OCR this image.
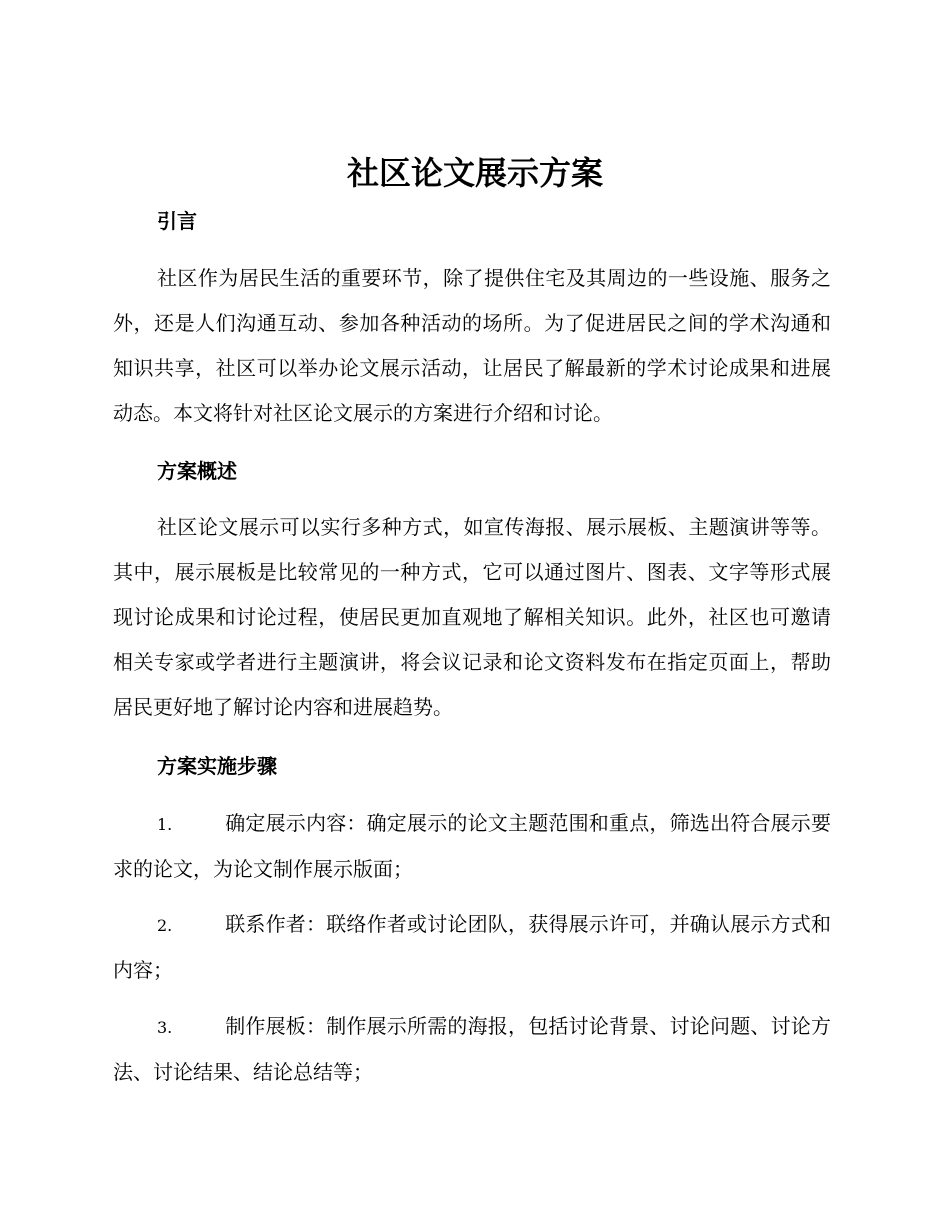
社区论文展示方案
引言

社区作为居民生活的重要环节，除了提供住宅及其周边的一些设施、服务之外，还是人们沟通互动、参加各种活动的场所。为了促进居民之间的学术沟通和知识共享，社区可以举办论文展示活动，让居民了解最新的学术讨论成果和进展动态。本文将针对社区论文展示的方案进行介绍和讨论。

方案概述

社区论文展示可以实行多种方式，如宣传海报、展示展板、主题演讲等等。其中，展示展板是比较常见的一种方式，它可以通过图片、图表、文字等形式展现讨论成果和讨论过程，使居民更加直观地了解相关知识。此外，社区也可邀请相关专家或学者进行主题演讲，将会议记录和论文资料发布在指定页面上，帮助居民更好地了解讨论内容和进展趋势。

方案实施步骤

1.	确定展示内容：确定展示的论文主题范围和重点，筛选出符合展示要求的论文，为论文制作展示版面；

2.	联系作者：联络作者或讨论团队，获得展示许可，并确认展示方式和内容；

3.	制作展板：制作展示所需的海报，包括讨论背景、讨论问题、讨论方法、讨论结果、结论总结等；
